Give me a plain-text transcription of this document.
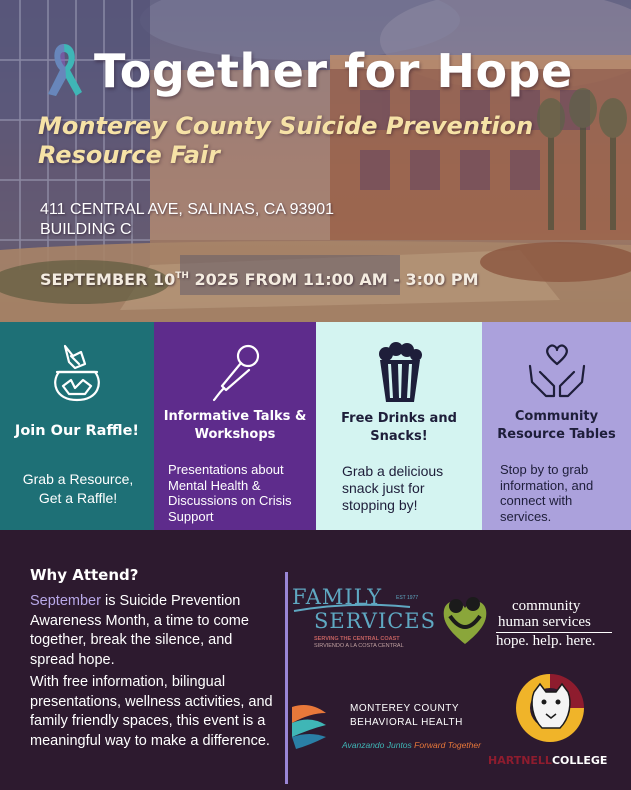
Together for Hope
Monterey County Suicide Prevention Resource Fair
411 CENTRAL AVE, SALINAS, CA 93901
BUILDING C
SEPTEMBER 10TH 2025 FROM 11:00 AM - 3:00 PM
Join Our Raffle!

Grab a Resource, Get a Raffle!

Informative Talks & Workshops

Presentations about Mental Health & Discussions on Crisis Support

Free Drinks and Snacks!

Grab a delicious snack just for stopping by!

Community Resource Tables

Stop by to grab information, and connect with services.

Why Attend?
September is Suicide Prevention Awareness Month, a time to come together, break the silence, and spread hope.
With free information, bilingual presentations, wellness activities, and family friendly spaces, this event is a meaningful way to make a difference.
FAMILY	EST 1977
SERVICES
SERVING THE CENTRAL COAST
SIRVIENDO A LA COSTA CENTRAL
community
human services
hope. help. here.
MONTEREY COUNTY
BEHAVIORAL HEALTH
Avanzando Juntos Forward Together
HARTNELLCOLLEGE
